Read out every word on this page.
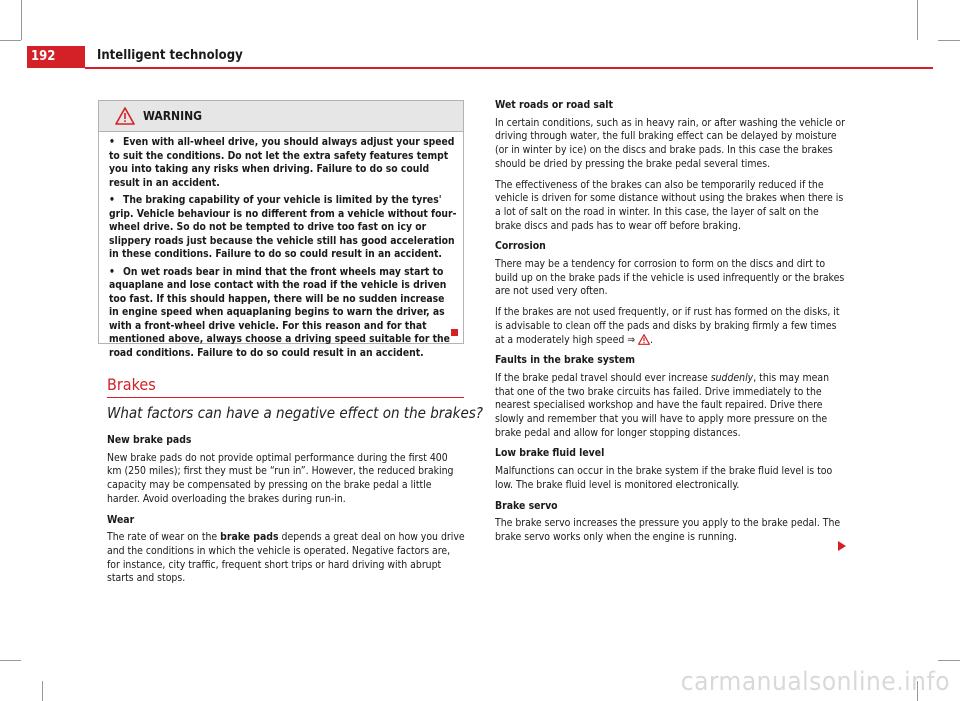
192	Intelligent technology
WARNING
• Even with all-wheel drive, you should always adjust your speed to suit the conditions. Do not let the extra safety features tempt you into taking any risks when driving. Failure to do so could result in an accident.
• The braking capability of your vehicle is limited by the tyres' grip. Vehicle behaviour is no different from a vehicle without four-wheel drive. So do not be tempted to drive too fast on icy or slippery roads just because the vehicle still has good acceleration in these conditions. Failure to do so could result in an accident.
• On wet roads bear in mind that the front wheels may start to aquaplane and lose contact with the road if the vehicle is driven too fast. If this should happen, there will be no sudden increase in engine speed when aquaplaning begins to warn the driver, as with a front-wheel drive vehicle. For this reason and for that mentioned above, always choose a driving speed suitable for the road conditions. Failure to do so could result in an accident.
Brakes
What factors can have a negative effect on the brakes?
New brake pads

New brake pads do not provide optimal performance during the first 400 km (250 miles); first they must be “run in”. However, the reduced braking capacity may be compensated by pressing on the brake pedal a little harder. Avoid overloading the brakes during run-in.

Wear

The rate of wear on the brake pads depends a great deal on how you drive and the conditions in which the vehicle is operated. Negative factors are, for instance, city traffic, frequent short trips or hard driving with abrupt starts and stops.

Wet roads or road salt

In certain conditions, such as in heavy rain, or after washing the vehicle or driving through water, the full braking effect can be delayed by moisture (or in winter by ice) on the discs and brake pads. In this case the brakes should be dried by pressing the brake pedal several times.

The effectiveness of the brakes can also be temporarily reduced if the vehicle is driven for some distance without using the brakes when there is a lot of salt on the road in winter. In this case, the layer of salt on the brake discs and pads has to wear off before braking.

Corrosion

There may be a tendency for corrosion to form on the discs and dirt to build up on the brake pads if the vehicle is used infrequently or the brakes are not used very often.

If the brakes are not used frequently, or if rust has formed on the disks, it is advisable to clean off the pads and disks by braking firmly a few times at a moderately high speed ⇒ .

Faults in the brake system

If the brake pedal travel should ever increase suddenly, this may mean that one of the two brake circuits has failed. Drive immediately to the nearest specialised workshop and have the fault repaired. Drive there slowly and remember that you will have to apply more pressure on the brake pedal and allow for longer stopping distances.

Low brake fluid level

Malfunctions can occur in the brake system if the brake fluid level is too low. The brake fluid level is monitored electronically.

Brake servo

The brake servo increases the pressure you apply to the brake pedal. The brake servo works only when the engine is running.

carmanualsonline.info
